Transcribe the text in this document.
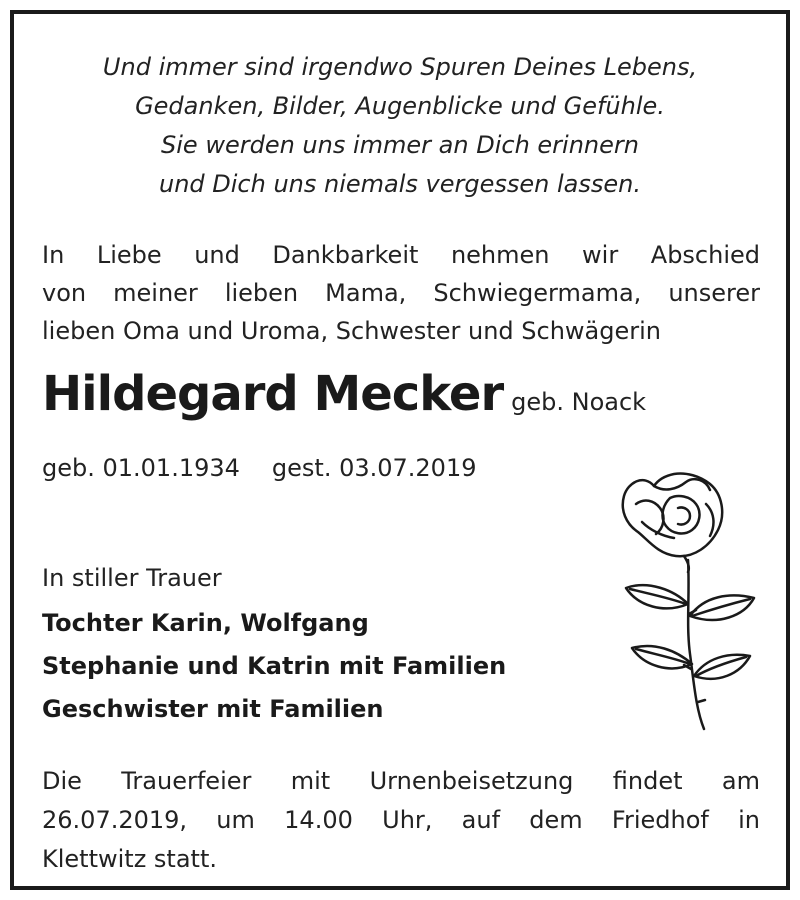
Und immer sind irgendwo Spuren Deines Lebens,
Gedanken, Bilder, Augenblicke und Gefühle.
Sie werden uns immer an Dich erinnern
und Dich uns niemals vergessen lassen.
In Liebe und Dankbarkeit nehmen wir Abschied
von meiner lieben Mama, Schwiegermama, unserer
lieben Oma und Uroma, Schwester und Schwägerin
Hildegard Mecker geb. Noack
geb. 01.01.1934 gest. 03.07.2019
In stiller Trauer
Tochter Karin, Wolfgang
Stephanie und Katrin mit Familien
Geschwister mit Familien
Die Trauerfeier mit Urnenbeisetzung findet am
26.07.2019, um 14.00 Uhr, auf dem Friedhof in
Klettwitz statt.
